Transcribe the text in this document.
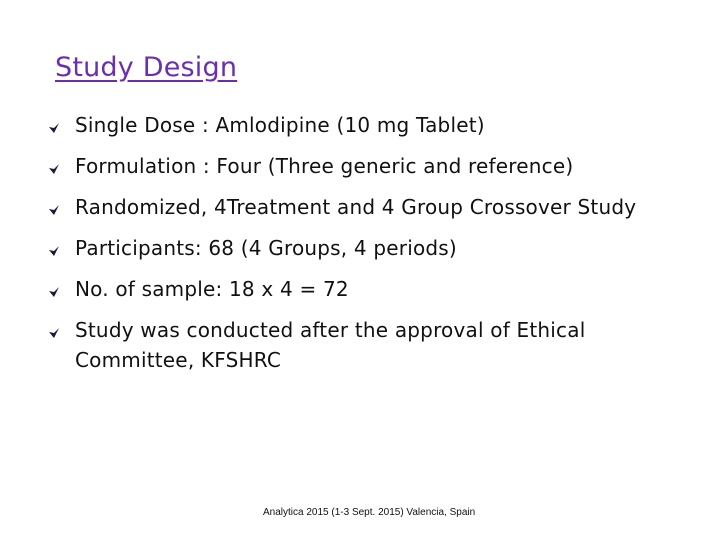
Study Design
Single Dose : Amlodipine (10 mg Tablet)
Formulation : Four (Three generic and reference)
Randomized, 4Treatment and 4 Group Crossover Study
Participants: 68 (4 Groups, 4 periods)
No. of sample: 18 x 4 = 72
Study was conducted after the approval of Ethical Committee, KFSHRC
Analytica 2015 (1-3 Sept. 2015) Valencia, Spain
